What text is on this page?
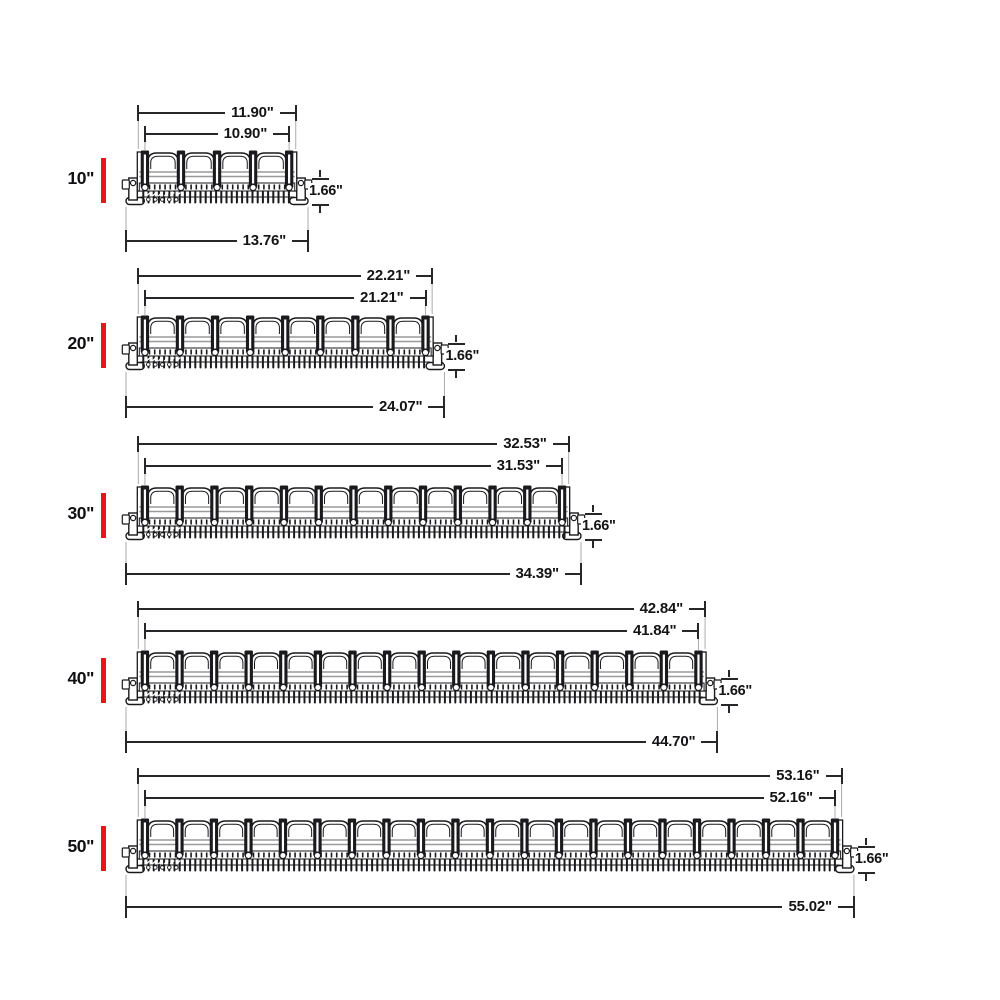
10"
11.90"
10.90"
13.76"
1.66"
20"
22.21"
21.21"
24.07"
1.66"
30"
32.53"
31.53"
34.39"
1.66"
40"
42.84"
41.84"
44.70"
1.66"
50"
53.16"
52.16"
55.02"
1.66"
